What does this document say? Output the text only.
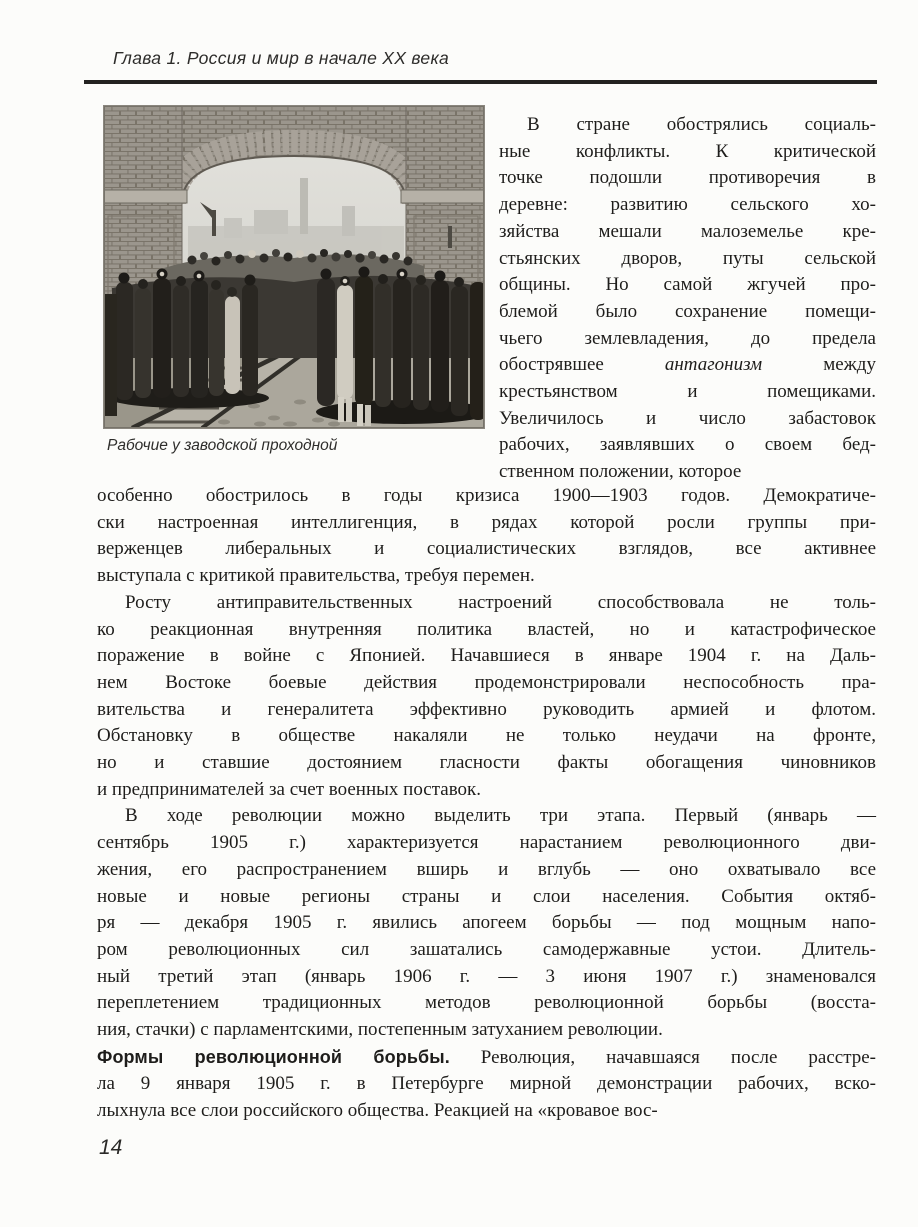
Глава 1. Россия и мир в начале XX века
Рабочие у заводской проходной
В стране обострялись социаль-
ные конфликты. К критической
точке подошли противоречия в
деревне: развитию сельского хо-
зяйства мешали малоземелье кре-
стьянских дворов, путы сельской
общины. Но самой жгучей про-
блемой было сохранение помещи-
чьего землевладения, до предела
обострявшее антагонизм между
крестьянством и помещиками.
Увеличилось и число забастовок
рабочих, заявлявших о своем бед-
ственном положении, которое
особенно обострилось в годы кризиса 1900—1903 годов. Демократиче-
ски настроенная интеллигенция, в рядах которой росли группы при-
верженцев либеральных и социалистических взглядов, все активнее
выступала с критикой правительства, требуя перемен.
Росту антиправительственных настроений способствовала не толь-
ко реакционная внутренняя политика властей, но и катастрофическое
поражение в войне с Японией. Начавшиеся в январе 1904 г. на Даль-
нем Востоке боевые действия продемонстрировали неспособность пра-
вительства и генералитета эффективно руководить армией и флотом.
Обстановку в обществе накаляли не только неудачи на фронте,
но и ставшие достоянием гласности факты обогащения чиновников
и предпринимателей за счет военных поставок.
В ходе революции можно выделить три этапа. Первый (январь —
сентябрь 1905 г.) характеризуется нарастанием революционного дви-
жения, его распространением вширь и вглубь — оно охватывало все
новые и новые регионы страны и слои населения. События октяб-
ря — декабря 1905 г. явились апогеем борьбы — под мощным напо-
ром революционных сил зашатались самодержавные устои. Длитель-
ный третий этап (январь 1906 г. — 3 июня 1907 г.) знаменовался
переплетением традиционных методов революционной борьбы (восста-
ния, стачки) с парламентскими, постепенным затуханием революции.
Формы революционной борьбы. Революция, начавшаяся после расстре-
ла 9 января 1905 г. в Петербурге мирной демонстрации рабочих, вско-
лыхнула все слои российского общества. Реакцией на «кровавое вос-
14
